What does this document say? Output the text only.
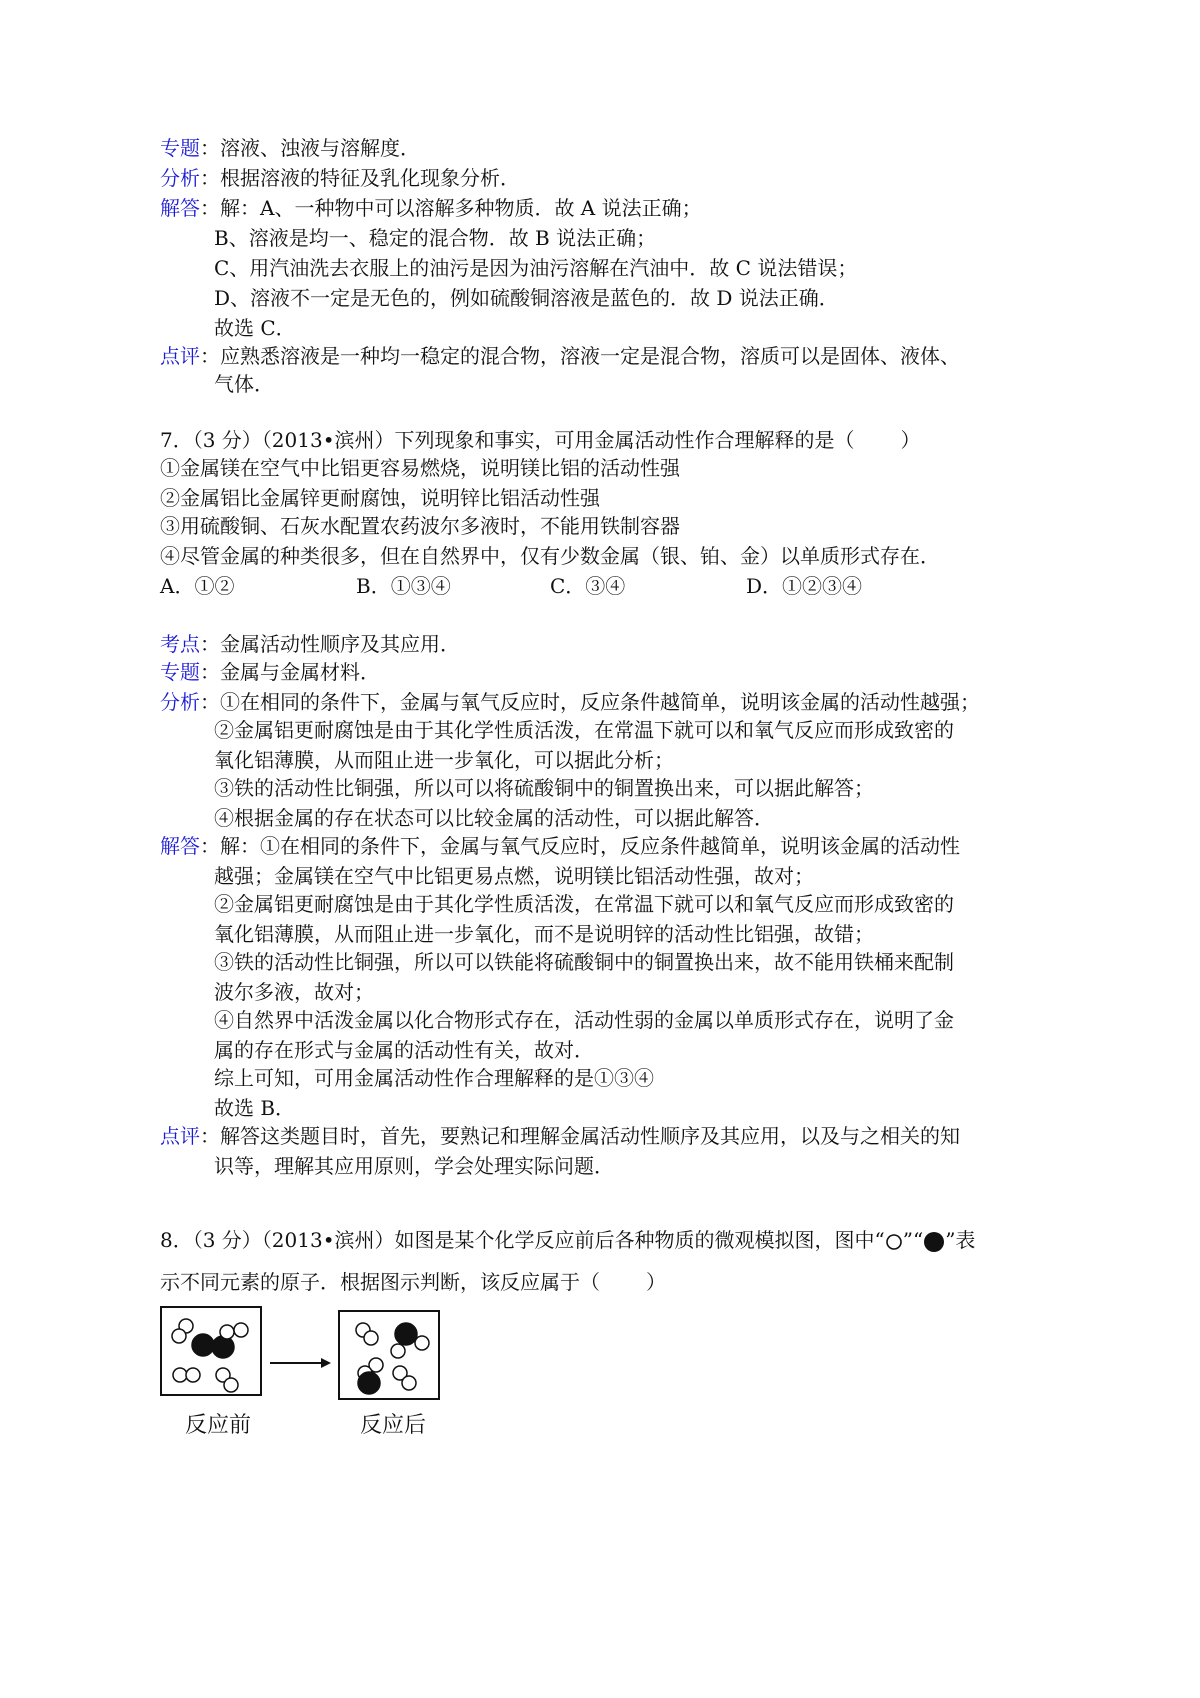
专题：溶液、浊液与溶解度．
分析：根据溶液的特征及乳化现象分析．
解答：解：A、一种物中可以溶解多种物质．故 A 说法正确；
B、溶液是均一、稳定的混合物．故 B 说法正确；
C、用汽油洗去衣服上的油污是因为油污溶解在汽油中．故 C 说法错误；
D、溶液不一定是无色的，例如硫酸铜溶液是蓝色的．故 D 说法正确．
故选 C．
点评：应熟悉溶液是一种均一稳定的混合物，溶液一定是混合物，溶质可以是固体、液体、
气体．
7．（3 分）（2013•滨州）下列现象和事实，可用金属活动性作合理解释的是（ ）
①金属镁在空气中比铝更容易燃烧，说明镁比铝的活动性强
②金属铝比金属锌更耐腐蚀，说明锌比铝活动性强
③用硫酸铜、石灰水配置农药波尔多液时，不能用铁制容器
④尽管金属的种类很多，但在自然界中，仅有少数金属（银、铂、金）以单质形式存在．
A．①②	B．①③④	C．③④	D．①②③④
考点：金属活动性顺序及其应用．
专题：金属与金属材料．
分析：①在相同的条件下，金属与氧气反应时，反应条件越简单，说明该金属的活动性越强；
②金属铝更耐腐蚀是由于其化学性质活泼，在常温下就可以和氧气反应而形成致密的
氧化铝薄膜，从而阻止进一步氧化，可以据此分析；
③铁的活动性比铜强，所以可以将硫酸铜中的铜置换出来，可以据此解答；
④根据金属的存在状态可以比较金属的活动性，可以据此解答．
解答：解：①在相同的条件下，金属与氧气反应时，反应条件越简单，说明该金属的活动性
越强；金属镁在空气中比铝更易点燃，说明镁比铝活动性强，故对；
②金属铝更耐腐蚀是由于其化学性质活泼，在常温下就可以和氧气反应而形成致密的
氧化铝薄膜，从而阻止进一步氧化，而不是说明锌的活动性比铝强，故错；
③铁的活动性比铜强，所以可以铁能将硫酸铜中的铜置换出来，故不能用铁桶来配制
波尔多液，故对；
④自然界中活泼金属以化合物形式存在，活动性弱的金属以单质形式存在，说明了金
属的存在形式与金属的活动性有关，故对．
综上可知，可用金属活动性作合理解释的是①③④
故选 B．
点评：解答这类题目时，首先，要熟记和理解金属活动性顺序及其应用，以及与之相关的知
识等，理解其应用原则，学会处理实际问题．
8．（3 分）（2013•滨州）如图是某个化学反应前后各种物质的微观模拟图，图中“ ”“ ”表
示不同元素的原子．根据图示判断，该反应属于（ ）
反应前	反应后
